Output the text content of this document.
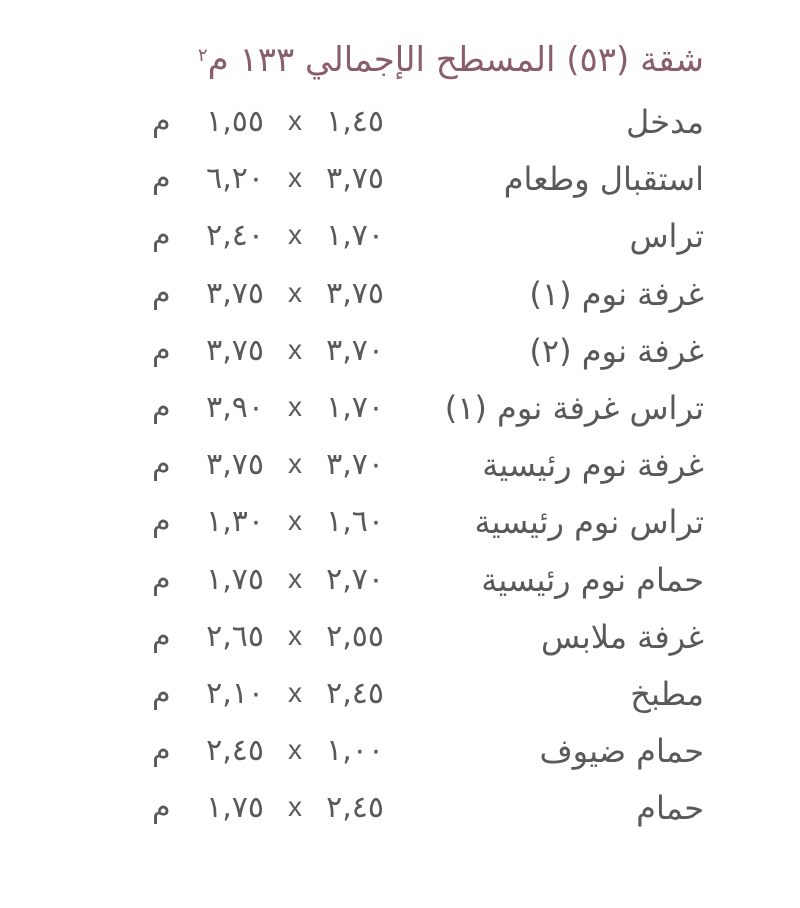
شقة (٥٣) المسطح الإجمالي ١٣٣ م$^٢$
مدخل
١,٤٥
x
١,٥٥
م
استقبال وطعام
٣,٧٥
x
٦,٢٠
م
تراس
١,٧٠
x
٢,٤٠
م
غرفة نوم (١)
٣,٧٥
x
٣,٧٥
م
غرفة نوم (٢)
٣,٧٠
x
٣,٧٥
م
تراس غرفة نوم (١)
١,٧٠
x
٣,٩٠
م
غرفة نوم رئيسية
٣,٧٠
x
٣,٧٥
م
تراس نوم رئيسية
١,٦٠
x
١,٣٠
م
حمام نوم رئيسية
٢,٧٠
x
١,٧٥
م
غرفة ملابس
٢,٥٥
x
٢,٦٥
م
مطبخ
٢,٤٥
x
٢,١٠
م
حمام ضيوف
١,٠٠
x
٢,٤٥
م
حمام
٢,٤٥
x
١,٧٥
م
